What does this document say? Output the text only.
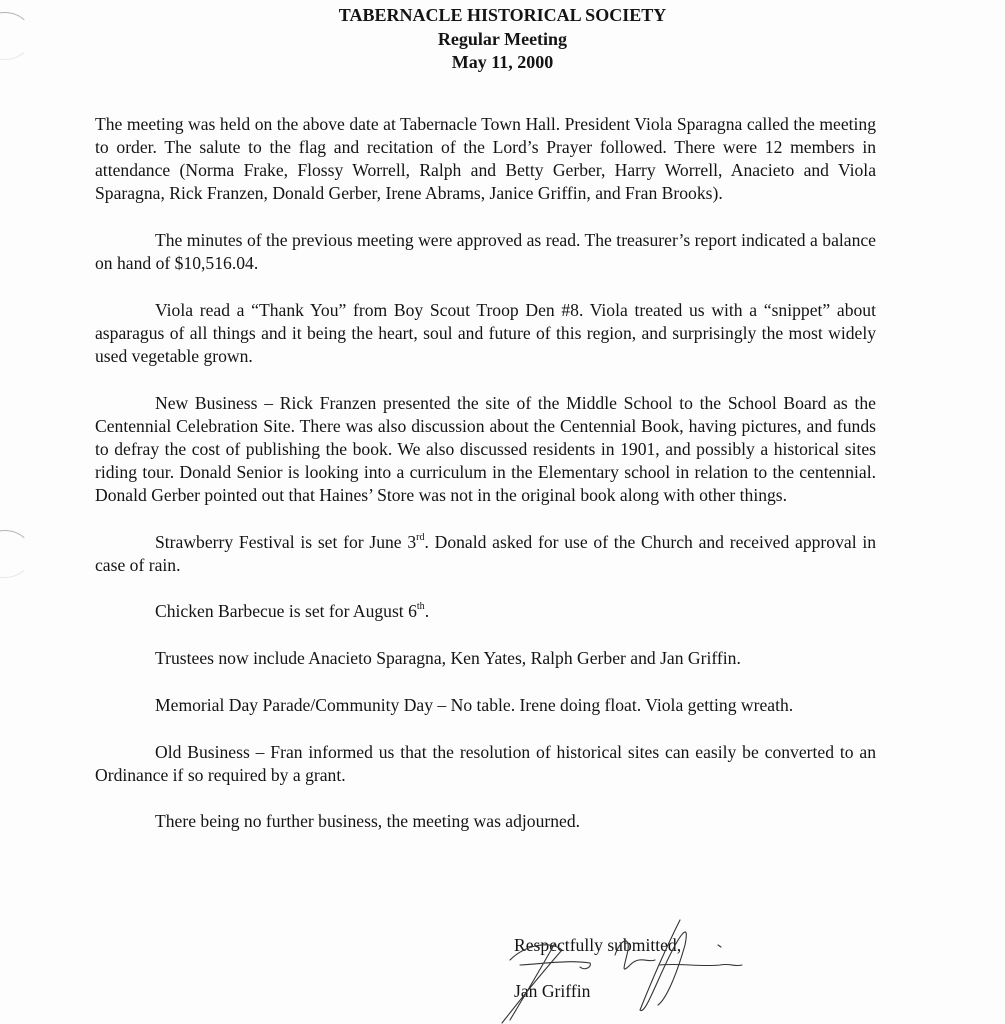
TABERNACLE HISTORICAL SOCIETY
Regular Meeting
May 11, 2000

The meeting was held on the above date at Tabernacle Town Hall. President Viola Sparagna called the meeting to order. The salute to the flag and recitation of the Lord’s Prayer followed. There were 12 members in attendance (Norma Frake, Flossy Worrell, Ralph and Betty Gerber, Harry Worrell, Anacieto and Viola Sparagna, Rick Franzen, Donald Gerber, Irene Abrams, Janice Griffin, and Fran Brooks).

The minutes of the previous meeting were approved as read. The treasurer’s report indicated a balance on hand of $10,516.04.

Viola read a “Thank You” from Boy Scout Troop Den #8. Viola treated us with a “snippet” about asparagus of all things and it being the heart, soul and future of this region, and surprisingly the most widely used vegetable grown.

New Business – Rick Franzen presented the site of the Middle School to the School Board as the Centennial Celebration Site. There was also discussion about the Centennial Book, having pictures, and funds to defray the cost of publishing the book. We also discussed residents in 1901, and possibly a historical sites riding tour. Donald Senior is looking into a curriculum in the Elementary school in relation to the centennial. Donald Gerber pointed out that Haines’ Store was not in the original book along with other things.

Strawberry Festival is set for June 3rd. Donald asked for use of the Church and received approval in case of rain.

Chicken Barbecue is set for August 6th.

Trustees now include Anacieto Sparagna, Ken Yates, Ralph Gerber and Jan Griffin.

Memorial Day Parade/Community Day – No table. Irene doing float. Viola getting wreath.

Old Business – Fran informed us that the resolution of historical sites can easily be converted to an Ordinance if so required by a grant.

There being no further business, the meeting was adjourned.

Respectfully submitted,
Jan Griffin
